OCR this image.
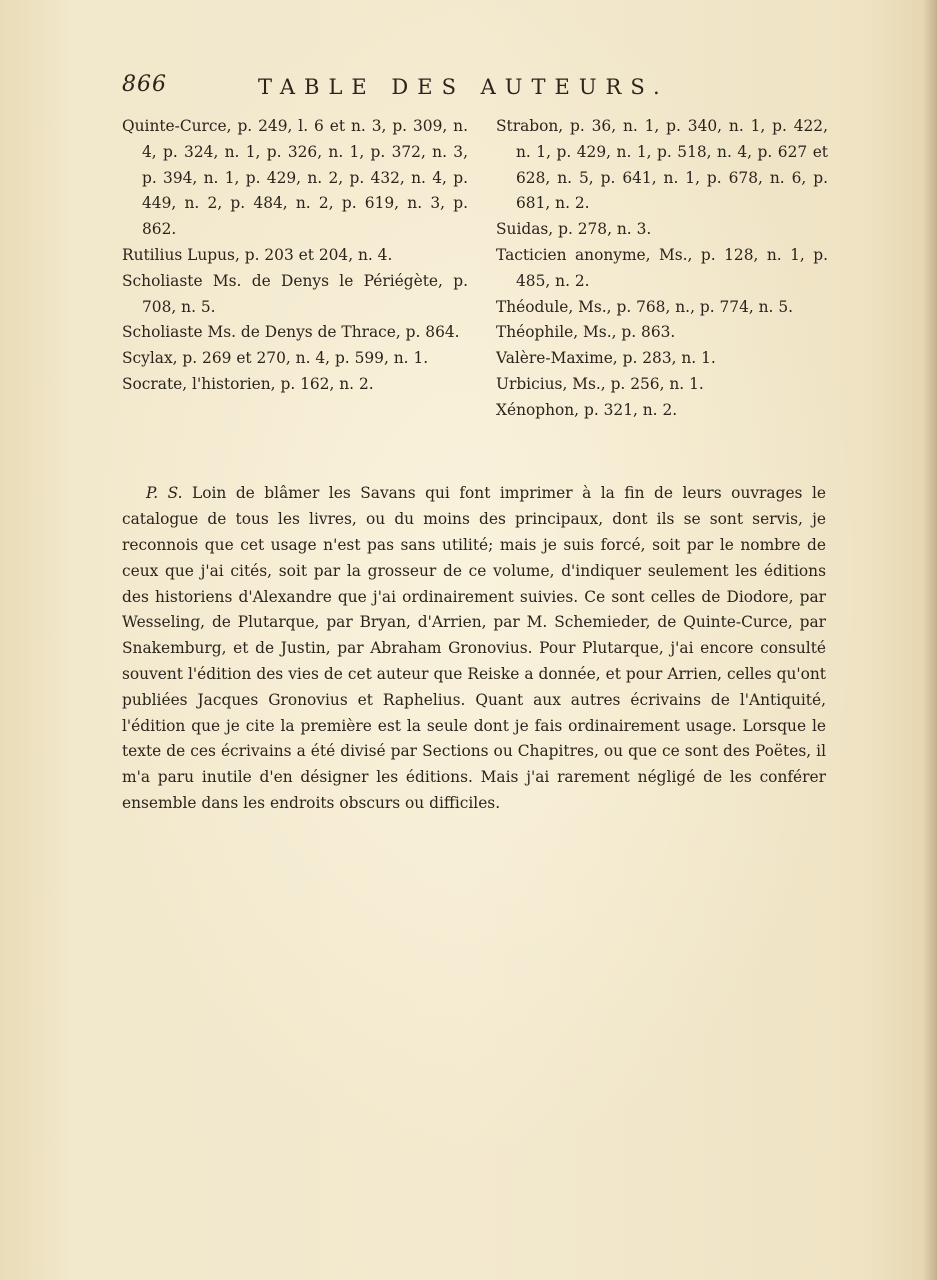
866	TABLE DES AUTEURS.
Quinte-Curce, p. 249, l. 6 et n. 3, p. 309, n. 4, p. 324, n. 1, p. 326, n. 1, p. 372, n. 3, p. 394, n. 1, p. 429, n. 2, p. 432, n. 4, p. 449, n. 2, p. 484, n. 2, p. 619, n. 3, p. 862.
Rutilius Lupus, p. 203 et 204, n. 4.
Scholiaste Ms. de Denys le Périégète, p. 708, n. 5.
Scholiaste Ms. de Denys de Thrace, p. 864.
Scylax, p. 269 et 270, n. 4, p. 599, n. 1.
Socrate, l'historien, p. 162, n. 2.
Strabon, p. 36, n. 1, p. 340, n. 1, p. 422, n. 1, p. 429, n. 1, p. 518, n. 4, p. 627 et 628, n. 5, p. 641, n. 1, p. 678, n. 6, p. 681, n. 2.
Suidas, p. 278, n. 3.
Tacticien anonyme, Ms., p. 128, n. 1, p. 485, n. 2.
Théodule, Ms., p. 768, n., p. 774, n. 5.
Théophile, Ms., p. 863.
Valère-Maxime, p. 283, n. 1.
Urbicius, Ms., p. 256, n. 1.
Xénophon, p. 321, n. 2.

P. S. Loin de blâmer les Savans qui font imprimer à la fin de leurs ouvrages le catalogue de tous les livres, ou du moins des principaux, dont ils se sont servis, je reconnois que cet usage n'est pas sans utilité; mais je suis forcé, soit par le nombre de ceux que j'ai cités, soit par la grosseur de ce volume, d'indiquer seulement les éditions des historiens d'Alexandre que j'ai ordinairement suivies. Ce sont celles de Diodore, par Wesseling, de Plutarque, par Bryan, d'Arrien, par M. Schemieder, de Quinte-Curce, par Snakemburg, et de Justin, par Abraham Gronovius. Pour Plutarque, j'ai encore consulté souvent l'édition des vies de cet auteur que Reiske a donnée, et pour Arrien, celles qu'ont publiées Jacques Gronovius et Raphelius. Quant aux autres écrivains de l'Antiquité, l'édition que je cite la première est la seule dont je fais ordinairement usage. Lorsque le texte de ces écrivains a été divisé par Sections ou Chapitres, ou que ce sont des Poëtes, il m'a paru inutile d'en désigner les éditions. Mais j'ai rarement négligé de les conférer ensemble dans les endroits obscurs ou difficiles.
